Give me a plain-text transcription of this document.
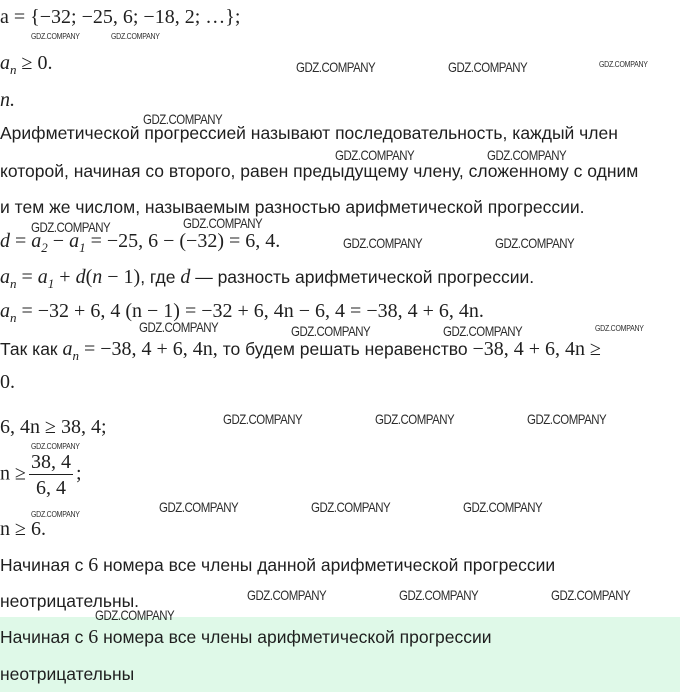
a = {−32; −25, 6; −18, 2; …};
$a_n \ge 0$.
n.
Арифметической прогрессией называют последовательность, каждый член
которой, начиная со второго, равен предыдущему члену, сложенному с одним
и тем же числом, называемым разностью арифметической прогрессии.
$d = a_2 - a_1 = -25$, 6 − (−32) = 6, 4.
$a_n = a_1 + d(n - 1)$, где d — разность арифметической прогрессии.
$a_n = -32 + 6$, 4 (n − 1) = −32 + 6, 4n − 6, 4 = −38, 4 + 6, 4n.
Так как $a_n = -38$, 4 + 6, 4n, то будем решать неравенство −38, 4 + 6, 4n ≥
0.
6, 4n ≥ 38, 4;
$n \ge \frac{38, 4}{6, 4}$ ;
n ≥ 6.
Начиная с 6 номера все члены данной арифметической прогрессии
неотрицательны.
Начиная с 6 номера все члены арифметической прогрессии
неотрицательны
GDZ.COMPANY	GDZ.COMPANY
GDZ.COMPANY	GDZ.COMPANY	GDZ.COMPANY
GDZ.COMPANY
GDZ.COMPANY	GDZ.COMPANY
GDZ.COMPANY	GDZ.COMPANY
GDZ.COMPANY	GDZ.COMPANY
GDZ.COMPANY	GDZ.COMPANY	GDZ.COMPANY	GDZ.COMPANY
GDZ.COMPANY	GDZ.COMPANY	GDZ.COMPANY
GDZ.COMPANY
GDZ.COMPANY	GDZ.COMPANY	GDZ.COMPANY	GDZ.COMPANY
GDZ.COMPANY	GDZ.COMPANY	GDZ.COMPANY
GDZ.COMPANY
